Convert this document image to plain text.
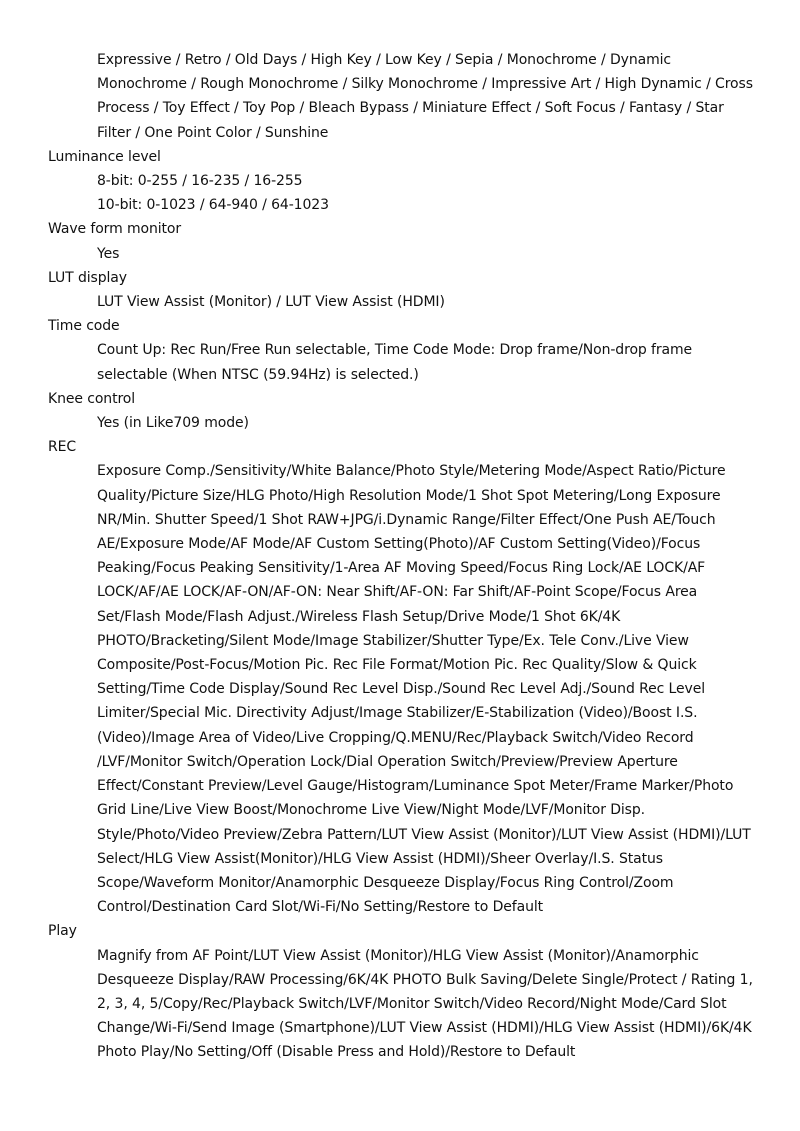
Expressive / Retro / Old Days / High Key / Low Key / Sepia / Monochrome / Dynamic Monochrome / Rough Monochrome / Silky Monochrome / Impressive Art / High Dynamic / Cross Process / Toy Effect / Toy Pop / Bleach Bypass / Miniature Effect / Soft Focus / Fantasy / Star Filter / One Point Color / Sunshine
Luminance level
8-bit: 0-255 / 16-235 / 16-255
10-bit: 0-1023 / 64-940 / 64-1023
Wave form monitor
Yes
LUT display
LUT View Assist (Monitor) / LUT View Assist (HDMI)
Time code
Count Up: Rec Run/Free Run selectable, Time Code Mode: Drop frame/Non-drop frame selectable (When NTSC (59.94Hz) is selected.)
Knee control
Yes (in Like709 mode)
REC
Exposure Comp./Sensitivity/White Balance/Photo Style/Metering Mode/Aspect Ratio/Picture Quality/Picture Size/HLG Photo/High Resolution Mode/1 Shot Spot Metering/Long Exposure NR/Min. Shutter Speed/1 Shot RAW+JPG/i.Dynamic Range/Filter Effect/One Push AE/Touch AE/Exposure Mode/AF Mode/AF Custom Setting(Photo)/AF Custom Setting(Video)/Focus Peaking/Focus Peaking Sensitivity/1-Area AF Moving Speed/Focus Ring Lock/AE LOCK/AF LOCK/AF/AE LOCK/AF-ON/AF-ON: Near Shift/AF-ON: Far Shift/AF-Point Scope/Focus Area Set/Flash Mode/Flash Adjust./Wireless Flash Setup/Drive Mode/1 Shot 6K/4K PHOTO/Bracketing/Silent Mode/Image Stabilizer/Shutter Type/Ex. Tele Conv./Live View Composite/Post-Focus/Motion Pic. Rec File Format/Motion Pic. Rec Quality/Slow & Quick Setting/Time Code Display/Sound Rec Level Disp./Sound Rec Level Adj./Sound Rec Level Limiter/Special Mic. Directivity Adjust/Image Stabilizer/E-Stabilization (Video)/Boost I.S. (Video)/Image Area of Video/Live Cropping/Q.MENU/Rec/Playback Switch/Video Record /LVF/Monitor Switch/Operation Lock/Dial Operation Switch/Preview/Preview Aperture Effect/Constant Preview/Level Gauge/Histogram/Luminance Spot Meter/Frame Marker/Photo Grid Line/Live View Boost/Monochrome Live View/Night Mode/LVF/Monitor Disp. Style/Photo/Video Preview/Zebra Pattern/LUT View Assist (Monitor)/LUT View Assist (HDMI)/LUT Select/HLG View Assist(Monitor)/HLG View Assist (HDMI)/Sheer Overlay/I.S. Status Scope/Waveform Monitor/Anamorphic Desqueeze Display/Focus Ring Control/Zoom Control/Destination Card Slot/Wi-Fi/No Setting/Restore to Default
Play
Magnify from AF Point/LUT View Assist (Monitor)/HLG View Assist (Monitor)/Anamorphic Desqueeze Display/RAW Processing/6K/4K PHOTO Bulk Saving/Delete Single/Protect / Rating 1, 2, 3, 4, 5/Copy/Rec/Playback Switch/LVF/Monitor Switch/Video Record/Night Mode/Card Slot Change/Wi-Fi/Send Image (Smartphone)/LUT View Assist (HDMI)/HLG View Assist (HDMI)/6K/4K Photo Play/No Setting/Off (Disable Press and Hold)/Restore to Default
